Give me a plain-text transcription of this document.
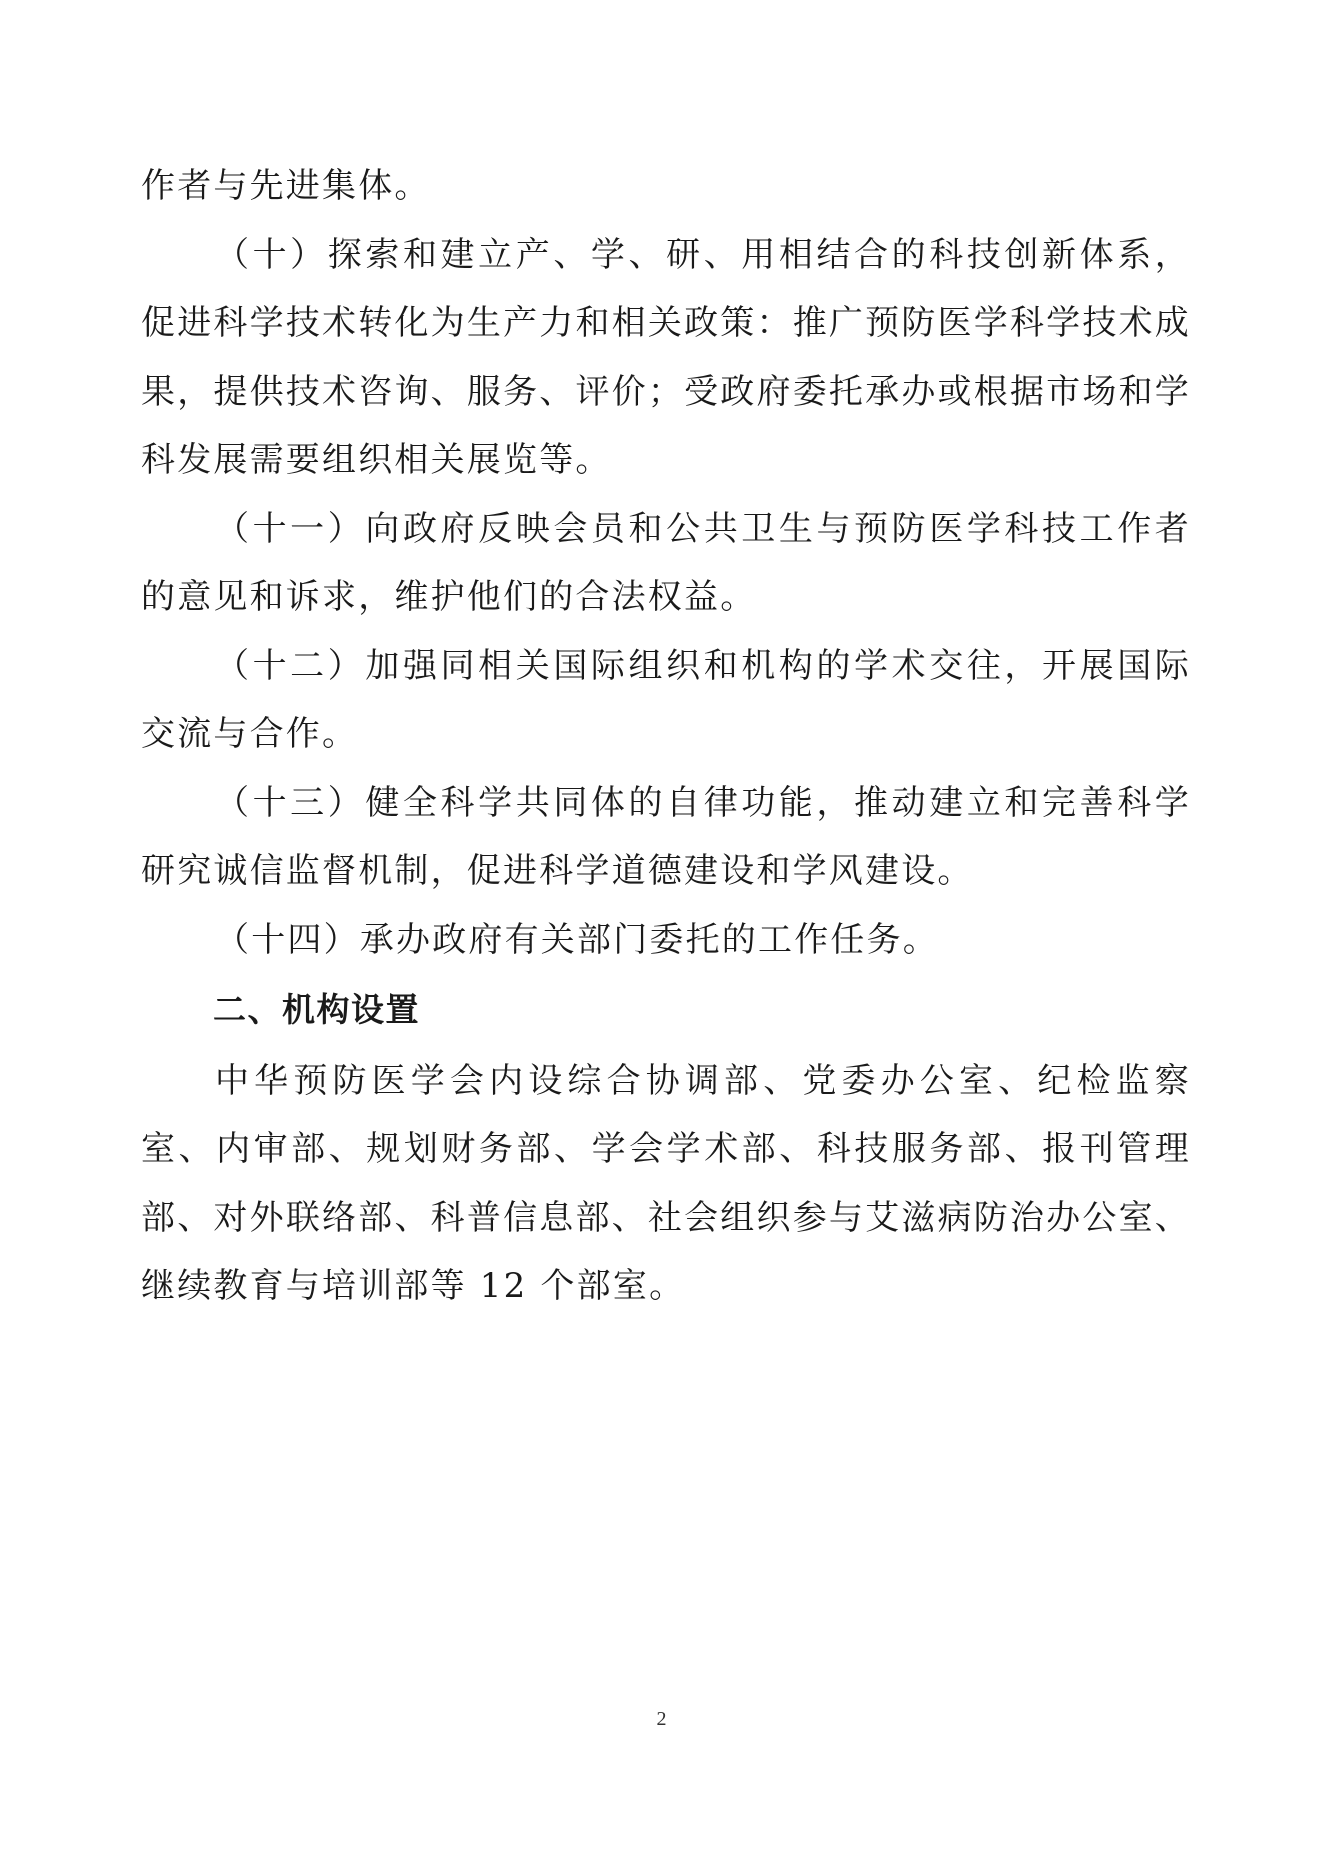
作者与先进集体。

（十）探索和建立产、学、研、用相结合的科技创新体系，促进科学技术转化为生产力和相关政策：推广预防医学科学技术成果，提供技术咨询、服务、评价；受政府委托承办或根据市场和学科发展需要组织相关展览等。

（十一）向政府反映会员和公共卫生与预防医学科技工作者的意见和诉求，维护他们的合法权益。

（十二）加强同相关国际组织和机构的学术交往，开展国际交流与合作。

（十三）健全科学共同体的自律功能，推动建立和完善科学研究诚信监督机制，促进科学道德建设和学风建设。

（十四）承办政府有关部门委托的工作任务。

二、机构设置

中华预防医学会内设综合协调部、党委办公室、纪检监察室、内审部、规划财务部、学会学术部、科技服务部、报刊管理部、对外联络部、科普信息部、社会组织参与艾滋病防治办公室、继续教育与培训部等 12 个部室。

2
